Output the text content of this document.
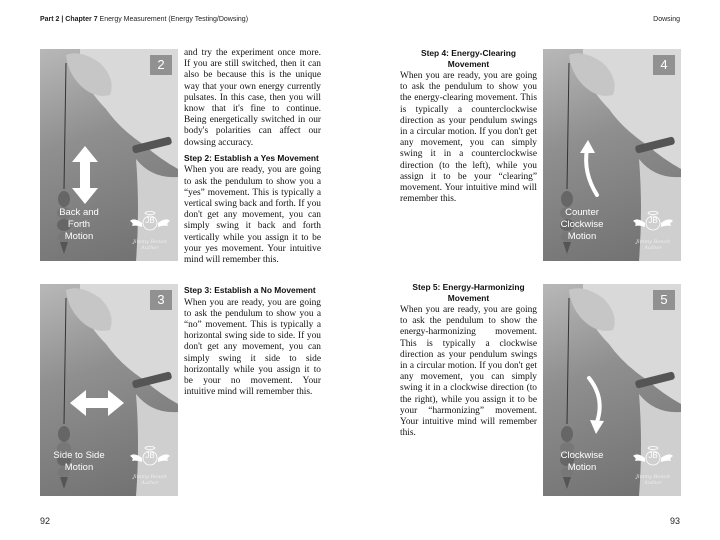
Part 2 | Chapter 7 Energy Measurement (Energy Testing/Dowsing)	Dowsing
2
Back and
Forth
Motion
JB
Jimmy Benoit
Author
3
Side to Side
Motion
JB
Jimmy Benoit
Author
4
Counter
Clockwise
Motion
JB
Jimmy Benoit
Author
5
Clockwise
Motion
JB
Jimmy Benoit
Author

and try the experiment once more. If you are still switched, then it can also be because this is the unique way that your own energy currently pulsates. In this case, then you will know that it's fine to continue. Being energetically switched in our body's polarities can affect our dowsing accuracy.

Step 2: Establish a Yes Movement

When you are ready, you are going to ask the pendulum to show you a “yes” movement. This is typically a vertical swing back and forth. If you don't get any movement, you can simply swing it back and forth vertically while you assign it to be your yes movement. Your intuitive mind will remember this.

Step 3: Establish a No Movement

When you are ready, you are going to ask the pendulum to show you a “no” movement. This is typically a horizontal swing side to side. If you don't get any movement, you can simply swing it side to side horizontally while you assign it to be your no movement. Your intuitive mind will remember this.

Step 4: Energy-Clearing
Movement

When you are ready, you are going to ask the pendulum to show you the energy-clearing movement. This is typically a counterclockwise direction as your pendulum swings in a circular motion. If you don't get any movement, you can simply swing it in a counterclockwise direction (to the left), while you assign it to be your “clearing” movement. Your intuitive mind will remember this.

Step 5: Energy-Harmonizing
Movement

When you are ready, you are going to ask the pendulum to show the energy-harmonizing movement. This is typically a clockwise direction as your pendulum swings in a circular motion. If you don't get any movement, you can simply swing it in a clockwise direction (to the right), while you assign it to be your “harmonizing” movement. Your intuitive mind will remember this.

92	93
